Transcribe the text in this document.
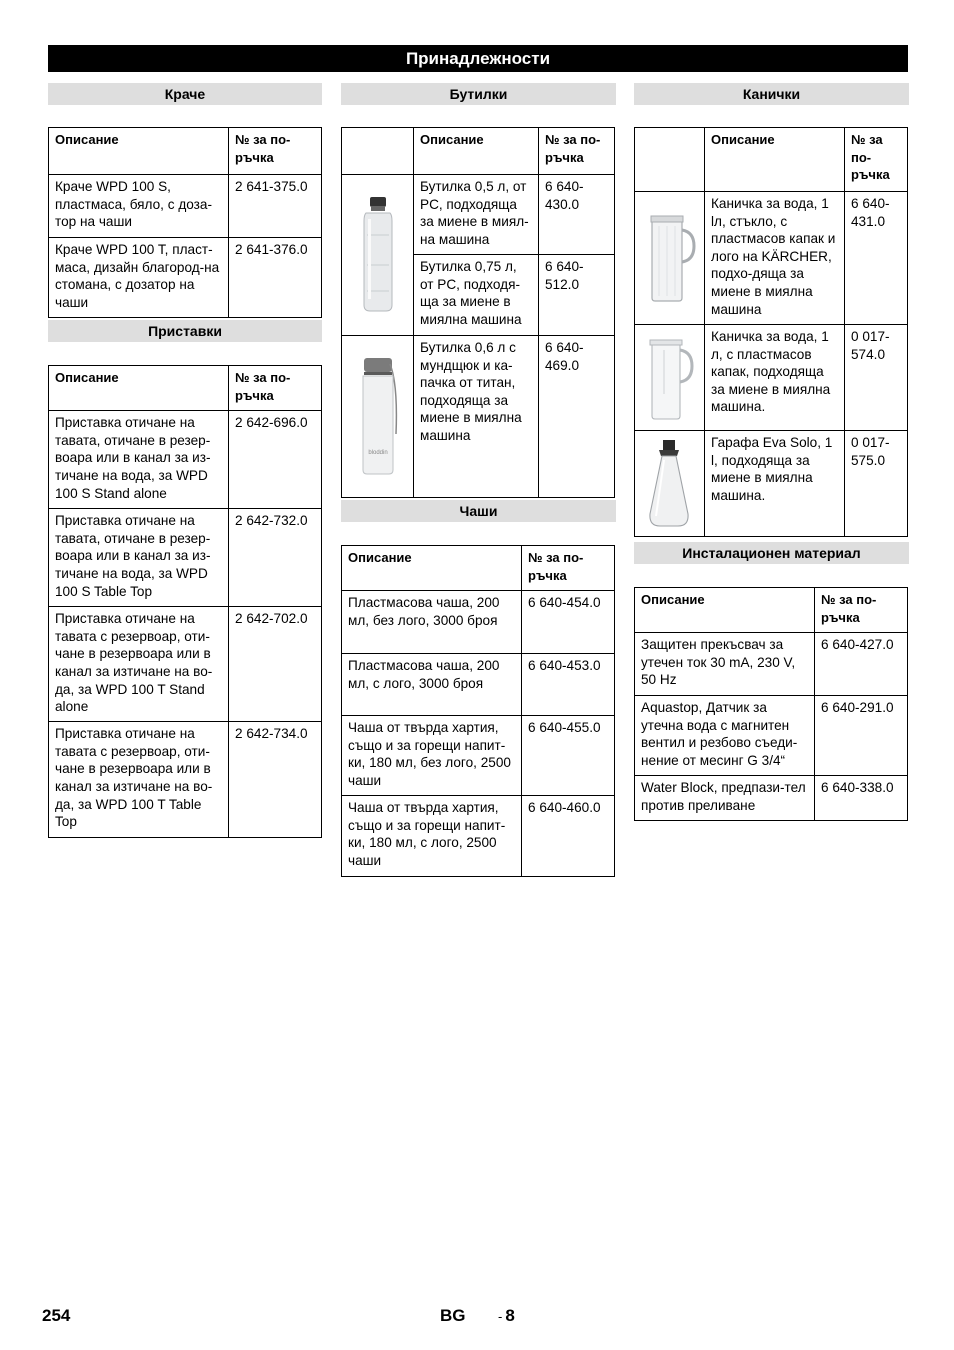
Принадлежности
Краче
Описание	№ за по-ръчка
Краче WPD 100 S, пластмаса, бяло, с доза-тор на чаши	2 641-375.0
Краче WPD 100 T, пласт-маса, дизайн благород-на стомана, с дозатор на чаши	2 641-376.0
Приставки
Описание	№ за по-ръчка
Приставка отичане на тавата, отичане в резер-воара или в канал за из-тичане на вода, за WPD 100 S Stand alone	2 642-696.0
Приставка отичане на тавата, отичане в резер-воара или в канал за из-тичане на вода, за WPD 100 S Table Top	2 642-732.0
Приставка отичане на тавата с резервоар, оти-чане в резервоара или в канал за изтичане на во-да, за WPD 100 T Stand alone	2 642-702.0
Приставка отичане на тавата с резервоар, оти-чане в резервоара или в канал за изтичане на во-да, за WPD 100 T Table Top	2 642-734.0
Бутилки
	Описание	№ за по-ръчка

	Бутилка 0,5 л, от PC, подходяща за миене в миял-на машина	6 640-430.0
	Бутилка 0,75 л, от PC, подходя-ща за миене в миялна машина	6 640-512.0

bloddin	Бутилка 0,6 л с мундщюк и ка-пачка от титан, подходяща за миене в миялна машина	6 640-469.0
Чаши
Описание	№ за по-ръчка
Пластмасова чаша, 200 мл, без лого, 3000 броя	6 640-454.0
Пластмасова чаша, 200 мл, с лого, 3000 броя	6 640-453.0
Чаша от твърда хартия, също и за горещи напит-ки, 180 мл, без лого, 2500 чаши	6 640-455.0
Чаша от твърда хартия, също и за горещи напит-ки, 180 мл, с лого, 2500 чаши	6 640-460.0
Канички
	Описание	№ за по-ръчка

	Каничка за вода, 1 lл, стъкло, с пластмасов капак и лого на KÄRCHER, подхо-дяща за миене в миялна машина	6 640-431.0

	Каничка за вода, 1 л, с пластмасов капак, подходяща за миене в миялна машина.	0 017-574.0

	Гарафа Eva Solo, 1 l, подходяща за миене в миялна машина.	0 017-575.0
Инсталационен материал
Описание	№ за по-ръчка
Защитен прекъсвач за утечен ток 30 mA, 230 V, 50 Hz	6 640-427.0
Aquastop, Датчик за утечна вода с магнитен вентил и резбово съеди-нение от месинг G 3/4“	6 640-291.0
Water Block, предпази-тел против преливане	6 640-338.0
254	BG	- 8
